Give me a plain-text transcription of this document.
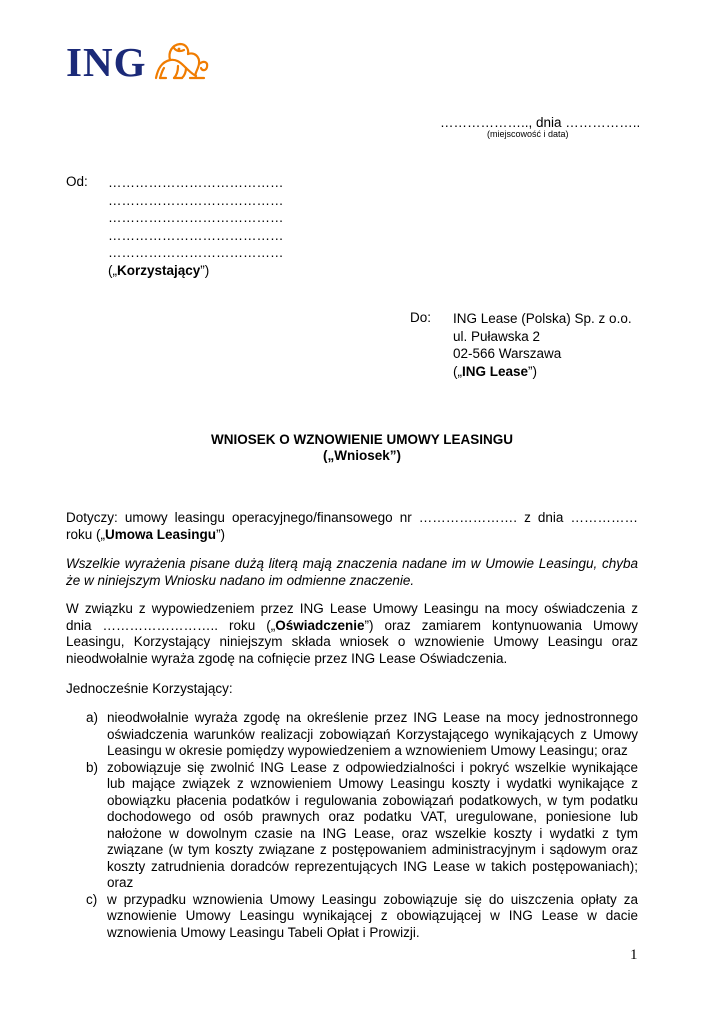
ING
……………….., dnia ……………..
(miejscowość i data)
Od: …………………………………
…………………………………
…………………………………
…………………………………
…………………………………
(„Korzystający”)
Do: ING Lease (Polska) Sp. z o.o.
ul. Puławska 2
02-566 Warszawa
(„ING Lease”)
WNIOSEK O WZNOWIENIE UMOWY LEASINGU
(„Wniosek”)
Dotyczy: umowy leasingu operacyjnego/finansowego nr …………………. z dnia …………… roku („Umowa Leasingu”)
Wszelkie wyrażenia pisane dużą literą mają znaczenia nadane im w Umowie Leasingu, chyba że w niniejszym Wniosku nadano im odmienne znaczenie.
W związku z wypowiedzeniem przez ING Lease Umowy Leasingu na mocy oświadczenia z dnia …………………….. roku („Oświadczenie”) oraz zamiarem kontynuowania Umowy Leasingu, Korzystający niniejszym składa wniosek o wznowienie Umowy Leasingu oraz nieodwołalnie wyraża zgodę na cofnięcie przez ING Lease Oświadczenia.
Jednocześnie Korzystający:
a) nieodwołalnie wyraża zgodę na określenie przez ING Lease na mocy jednostronnego oświadczenia warunków realizacji zobowiązań Korzystającego wynikających z Umowy Leasingu w okresie pomiędzy wypowiedzeniem a wznowieniem Umowy Leasingu; oraz
b) zobowiązuje się zwolnić ING Lease z odpowiedzialności i pokryć wszelkie wynikające lub mające związek z wznowieniem Umowy Leasingu koszty i wydatki wynikające z obowiązku płacenia podatków i regulowania zobowiązań podatkowych, w tym podatku dochodowego od osób prawnych oraz podatku VAT, uregulowane, poniesione lub nałożone w dowolnym czasie na ING Lease, oraz wszelkie koszty i wydatki z tym związane (w tym koszty związane z postępowaniem administracyjnym i sądowym oraz koszty zatrudnienia doradców reprezentujących ING Lease w takich postępowaniach); oraz
c) w przypadku wznowienia Umowy Leasingu zobowiązuje się do uiszczenia opłaty za wznowienie Umowy Leasingu wynikającej z obowiązującej w ING Lease w dacie wznowienia Umowy Leasingu Tabeli Opłat i Prowizji.
1
